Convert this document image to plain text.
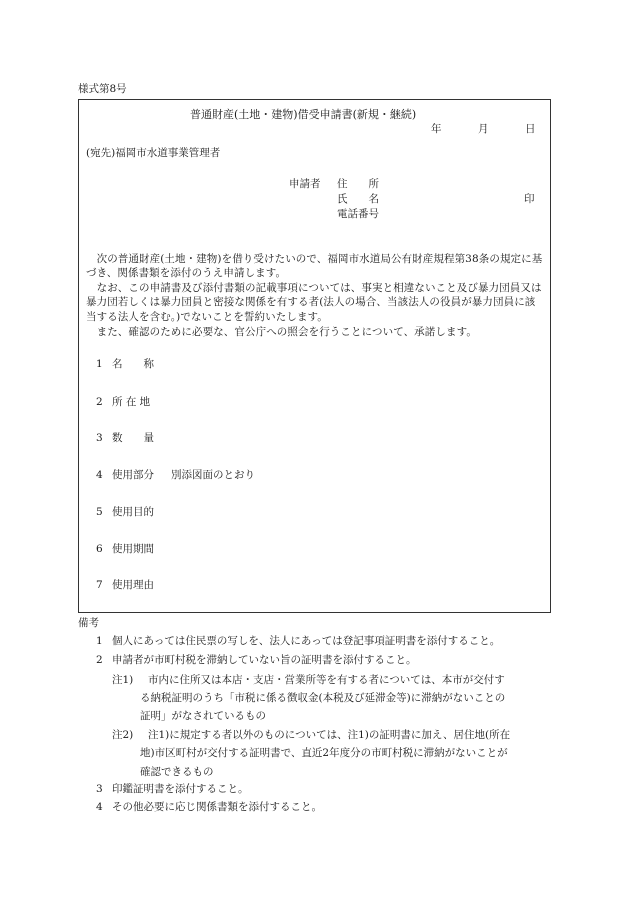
様式第8号
普通財産(土地・建物)借受申請書(新規・継続)
年	月	日
(宛先)福岡市水道事業管理者
申請者 住　　所
氏　　名	印
電話番号
　次の普通財産(土地・建物)を借り受けたいので、福岡市水道局公有財産規程第38条の規定に基づき、関係書類を添付のうえ申請します。
　なお、この申請書及び添付書類の記載事項については、事実と相違ないこと及び暴力団員又は暴力団若しくは暴力団員と密接な関係を有する者(法人の場合、当該法人の役員が暴力団員に該当する法人を含む。)でないことを誓約いたします。
　また、確認のために必要な、官公庁への照会を行うことについて、承諾します。
1 名　　称
2 所 在 地
3 数　　量
4 使用部分 別添図面のとおり
5 使用目的
6 使用期間
7 使用理由
備考
1 個人にあっては住民票の写しを、法人にあっては登記事項証明書を添付すること。
2 申請者が市町村税を滞納していない旨の証明書を添付すること。
注1) 市内に住所又は本店・支店・営業所等を有する者については、本市が交付す
る納税証明のうち「市税に係る徴収金(本税及び延滞金等)に滞納がないことの
証明」がなされているもの
注2) 注1)に規定する者以外のものについては、注1)の証明書に加え、居住地(所在
地)市区町村が交付する証明書で、直近2年度分の市町村税に滞納がないことが
確認できるもの
3 印鑑証明書を添付すること。
4 その他必要に応じ関係書類を添付すること。
